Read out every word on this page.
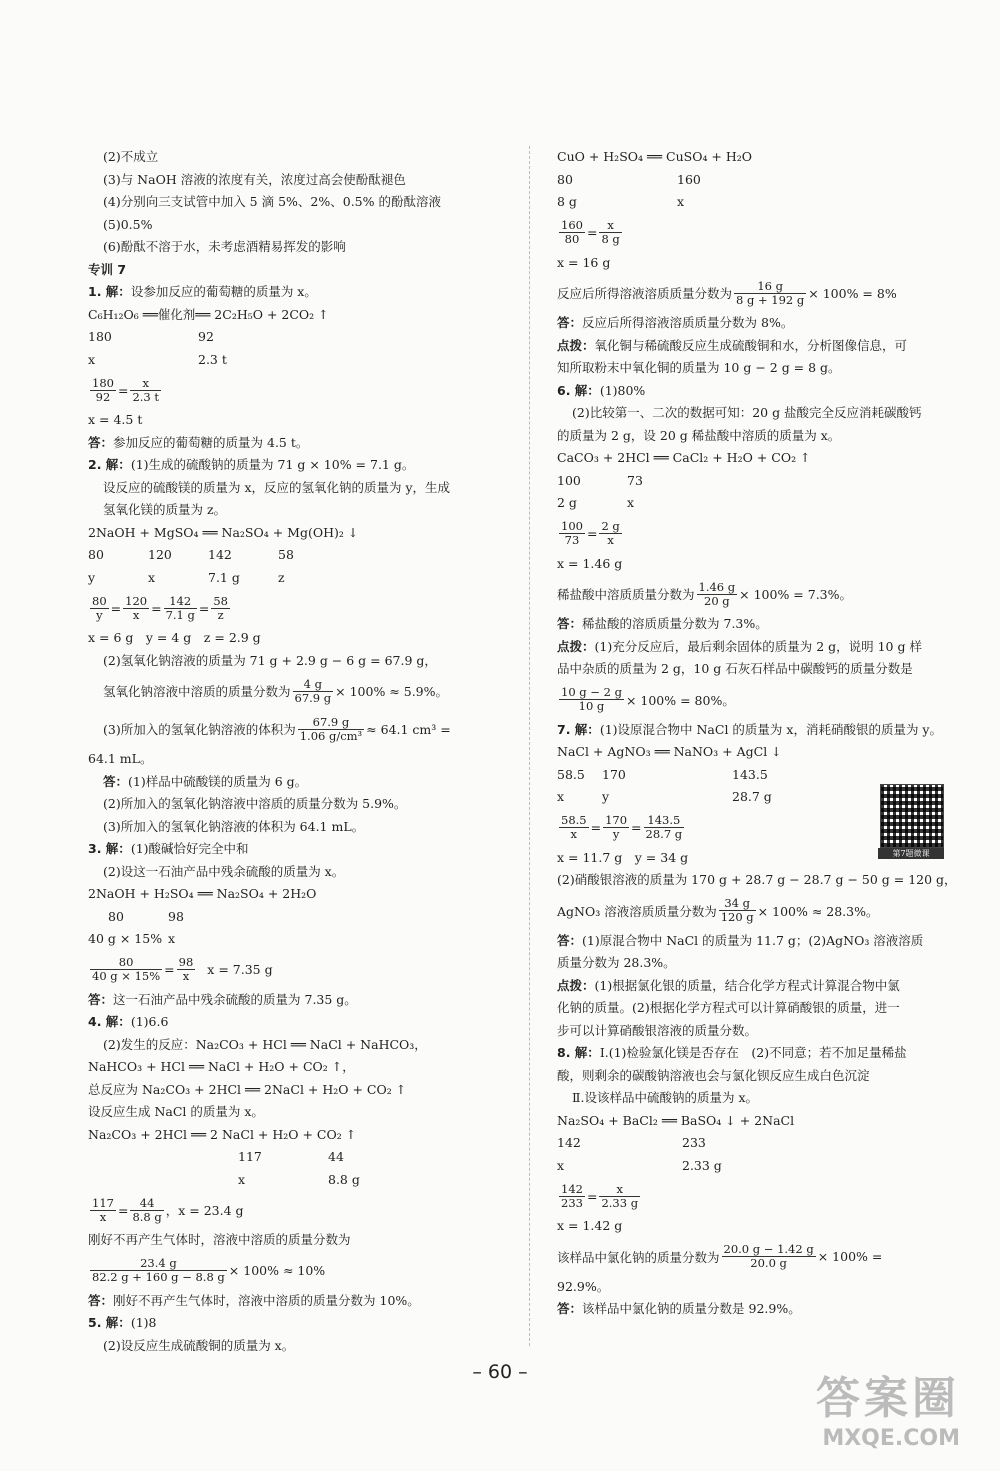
(2)不成立
(3)与 NaOH 溶液的浓度有关，浓度过高会使酚酞褪色
(4)分别向三支试管中加入 5 滴 5%、2%、0.5% 的酚酞溶液
(5)0.5%
(6)酚酞不溶于水，未考虑酒精易挥发的影响
专训 7
1. 解：设参加反应的葡萄糖的质量为 x。
C₆H₁₂O₆ ══催化剂══ 2C₂H₅O + 2CO₂ ↑
180	92
x	2.3 t
$\frac{180}{92} = \frac{x}{2.3 t}$
x = 4.5 t
答：参加反应的葡萄糖的质量为 4.5 t。
2. 解：(1)生成的硫酸钠的质量为 71 g × 10% = 7.1 g。
设反应的硫酸镁的质量为 x，反应的氢氧化钠的质量为 y，生成
氢氧化镁的质量为 z。
2NaOH + MgSO₄ ══ Na₂SO₄ + Mg(OH)₂ ↓
80	120	142	58
y	x	7.1 g	z
$\frac{80}{y} = \frac{120}{x} = \frac{142}{7.1 g} = \frac{58}{z}$
x = 6 g　y = 4 g　z = 2.9 g
(2)氢氧化钠溶液的质量为 71 g + 2.9 g − 6 g = 67.9 g，
氢氧化钠溶液中溶质的质量分数为 $\frac{4 g}{67.9 g} \times 100\% \approx 5.9\%$。
(3)所加入的氢氧化钠溶液的体积为 $\frac{67.9 g}{\text{1.06 g/cm³}} \approx 64.1$ cm³ =
64.1 mL。
答：(1)样品中硫酸镁的质量为 6 g。
(2)所加入的氢氧化钠溶液中溶质的质量分数为 5.9%。
(3)所加入的氢氧化钠溶液的体积为 64.1 mL。
3. 解：(1)酸碱恰好完全中和
(2)设这一石油产品中残余硫酸的质量为 x。
2NaOH + H₂SO₄ ══ Na₂SO₄ + 2H₂O
80	98
40 g × 15% x
$\frac{80}{40 g \times 15\%} = \frac{98}{x}$ x = 7.35 g
答：这一石油产品中残余硫酸的质量为 7.35 g。
4. 解：(1)6.6
(2)发生的反应：Na₂CO₃ + HCl ══ NaCl + NaHCO₃，
NaHCO₃ + HCl ══ NaCl + H₂O + CO₂ ↑，
总反应为 Na₂CO₃ + 2HCl ══ 2NaCl + H₂O + CO₂ ↑
设反应生成 NaCl 的质量为 x。
Na₂CO₃ + 2HCl ══ 2 NaCl + H₂O + CO₂ ↑
117	44
x	8.8 g
$\frac{117}{x} = \frac{44}{8.8 g}$ ，x = 23.4 g
刚好不再产生气体时，溶液中溶质的质量分数为
$\frac{23.4 g}{82.2 g + 160 g - 8.8 g} \times 100\% \approx 10\%$
答：刚好不再产生气体时，溶液中溶质的质量分数为 10%。
5. 解：(1)8
(2)设反应生成硫酸铜的质量为 x。
CuO + H₂SO₄ ══ CuSO₄ + H₂O
80	160
8 g	x
$\frac{160}{80} = \frac{x}{8 g}$
x = 16 g
反应后所得溶液溶质质量分数为 $\frac{16 g}{8 g + 192 g} \times 100\% = 8\%$
答：反应后所得溶液溶质质量分数为 8%。
点拨：氧化铜与稀硫酸反应生成硫酸铜和水，分析图像信息，可
知所取粉末中氧化铜的质量为 10 g − 2 g = 8 g。
6. 解：(1)80%
(2)比较第一、二次的数据可知：20 g 盐酸完全反应消耗碳酸钙
的质量为 2 g，设 20 g 稀盐酸中溶质的质量为 x。
CaCO₃ + 2HCl ══ CaCl₂ + H₂O + CO₂ ↑
100	73
2 g	x
$\frac{100}{73} = \frac{2 g}{x}$
x = 1.46 g
稀盐酸中溶质质量分数为 $\frac{1.46 g}{20 g} \times 100\% = 7.3\%$。
答：稀盐酸的溶质质量分数为 7.3%。
点拨：(1)充分反应后，最后剩余固体的质量为 2 g，说明 10 g 样
品中杂质的质量为 2 g，10 g 石灰石样品中碳酸钙的质量分数是
$\frac{10 g - 2 g}{10 g} \times 100\% = 80\%$。
7. 解：(1)设原混合物中 NaCl 的质量为 x，消耗硝酸银的质量为 y。
NaCl + AgNO₃ ══ NaNO₃ + AgCl ↓
58.5 170	143.5
x	y	28.7 g
$\frac{58.5}{x} = \frac{170}{y} = \frac{143.5}{28.7 g}$
x = 11.7 g　y = 34 g
(2)硝酸银溶液的质量为 170 g + 28.7 g − 28.7 g − 50 g = 120 g，
AgNO₃ 溶液溶质质量分数为 $\frac{34 g}{120 g} \times 100\% \approx 28.3\%$。
答：(1)原混合物中 NaCl 的质量为 11.7 g；(2)AgNO₃ 溶液溶质
质量分数为 28.3%。
点拨：(1)根据氯化银的质量，结合化学方程式计算混合物中氯
化钠的质量。(2)根据化学方程式可以计算硝酸银的质量，进一
步可以计算硝酸银溶液的质量分数。
8. 解：Ⅰ.(1)检验氯化镁是否存在　(2)不同意；若不加足量稀盐
酸，则剩余的碳酸钠溶液也会与氯化钡反应生成白色沉淀
Ⅱ.设该样品中硫酸钠的质量为 x。
Na₂SO₄ + BaCl₂ ══ BaSO₄ ↓ + 2NaCl
142	233
x	2.33 g
$\frac{142}{233} = \frac{x}{2.33 g}$
x = 1.42 g
该样品中氯化钠的质量分数为 $\frac{20.0 g - 1.42 g}{20.0 g} \times 100\%$ =
92.9%。
答：该样品中氯化钠的质量分数是 92.9%。
第7题微课
– 60 –
答案圈
MXQE.COM
